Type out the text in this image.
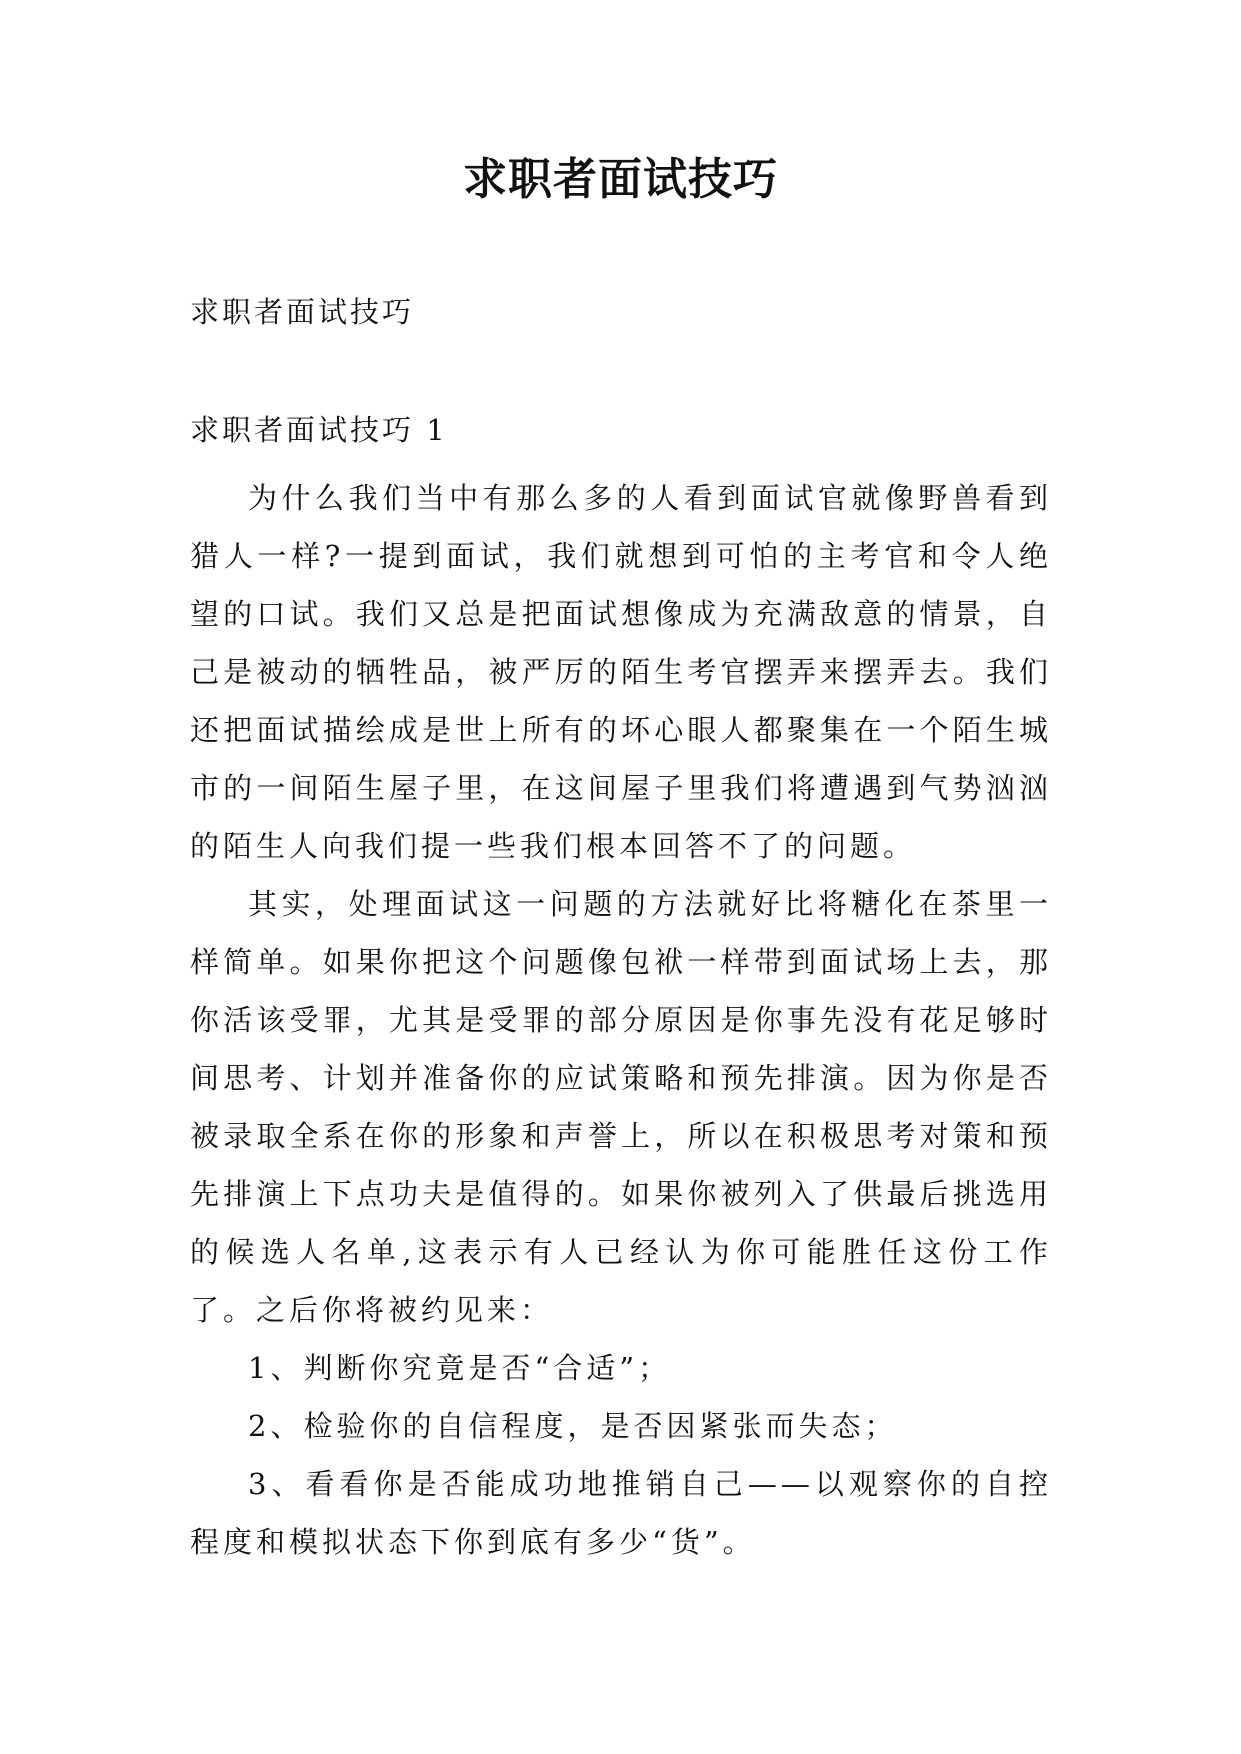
求职者面试技巧

求职者面试技巧

求职者面试技巧 1

为什么我们当中有那么多的人看到面试官就像野兽看到猎人一样?一提到面试，我们就想到可怕的主考官和令人绝望的口试。我们又总是把面试想像成为充满敌意的情景，自己是被动的牺牲品，被严厉的陌生考官摆弄来摆弄去。我们还把面试描绘成是世上所有的坏心眼人都聚集在一个陌生城市的一间陌生屋子里，在这间屋子里我们将遭遇到气势汹汹的陌生人向我们提一些我们根本回答不了的问题。

其实，处理面试这一问题的方法就好比将糖化在茶里一样简单。如果你把这个问题像包袱一样带到面试场上去，那你活该受罪，尤其是受罪的部分原因是你事先没有花足够时间思考、计划并准备你的应试策略和预先排演。因为你是否被录取全系在你的形象和声誉上，所以在积极思考对策和预先排演上下点功夫是值得的。如果你被列入了供最后挑选用的候选人名单,这表示有人已经认为你可能胜任这份工作了。之后你将被约见来：

1、判断你究竟是否“合适”；

2、检验你的自信程度，是否因紧张而失态；

3、看看你是否能成功地推销自己——以观察你的自控程度和模拟状态下你到底有多少“货”。
